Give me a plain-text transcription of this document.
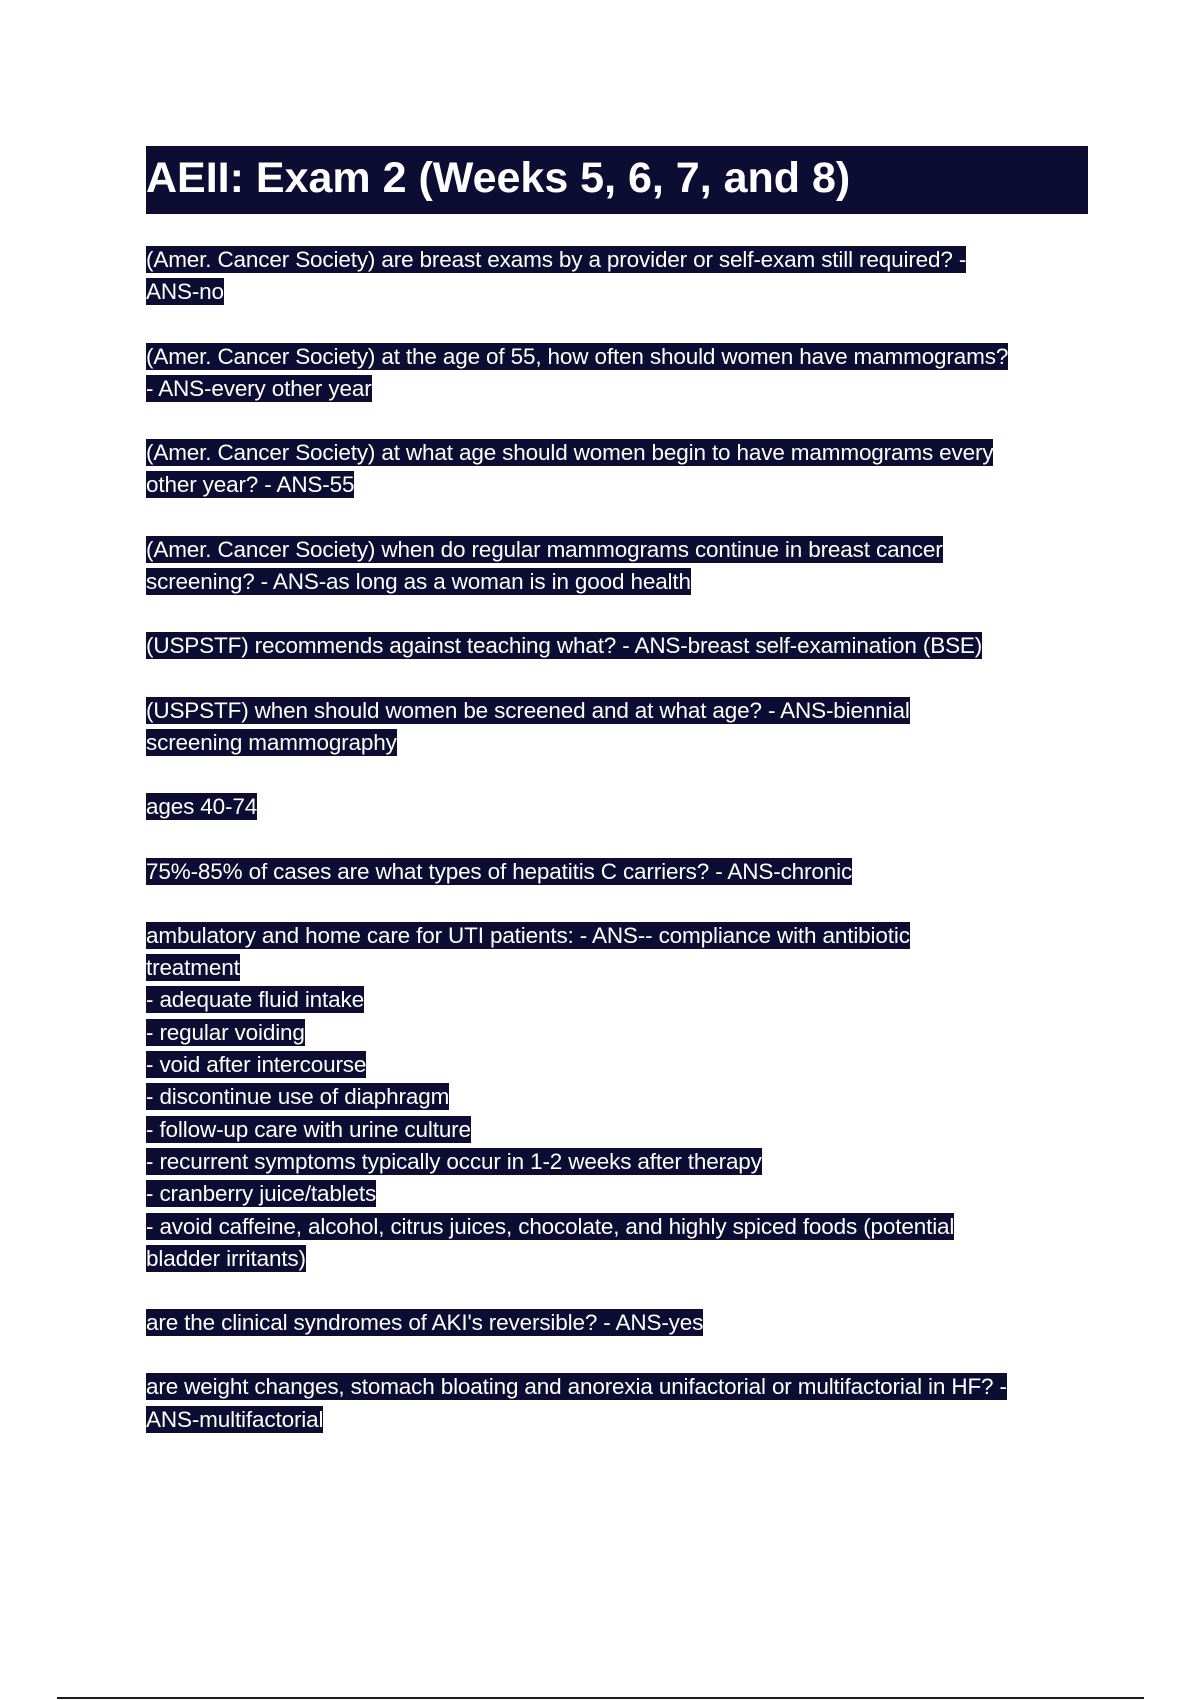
AEII: Exam 2 (Weeks 5, 6, 7, and 8)
(Amer. Cancer Society) are breast exams by a provider or self-exam still required? -
ANS-no
(Amer. Cancer Society) at the age of 55, how often should women have mammograms?
- ANS-every other year
(Amer. Cancer Society) at what age should women begin to have mammograms every
other year? - ANS-55
(Amer. Cancer Society) when do regular mammograms continue in breast cancer
screening? - ANS-as long as a woman is in good health
(USPSTF) recommends against teaching what? - ANS-breast self-examination (BSE)
(USPSTF) when should women be screened and at what age? - ANS-biennial
screening mammography
ages 40-74
75%-85% of cases are what types of hepatitis C carriers? - ANS-chronic
ambulatory and home care for UTI patients: - ANS-- compliance with antibiotic
treatment
- adequate fluid intake
- regular voiding
- void after intercourse
- discontinue use of diaphragm
- follow-up care with urine culture
- recurrent symptoms typically occur in 1-2 weeks after therapy
- cranberry juice/tablets
- avoid caffeine, alcohol, citrus juices, chocolate, and highly spiced foods (potential
bladder irritants)
are the clinical syndromes of AKI's reversible? - ANS-yes
are weight changes, stomach bloating and anorexia unifactorial or multifactorial in HF? -
ANS-multifactorial
